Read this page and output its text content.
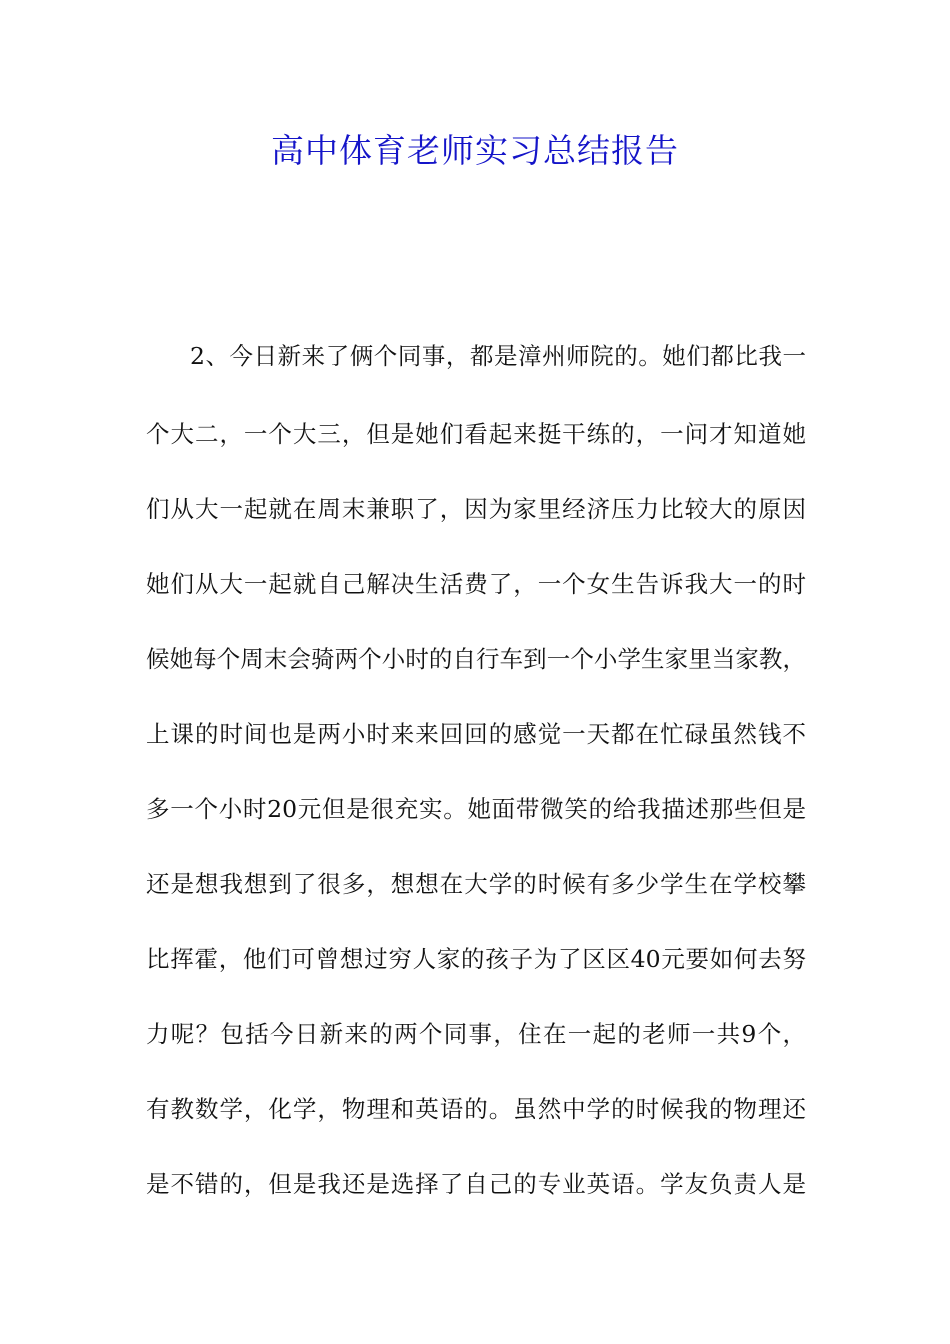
高中体育老师实习总结报告
2、今日新来了俩个同事，都是漳州师院的。她们都比我一
个大二，一个大三，但是她们看起来挺干练的，一问才知道她
们从大一起就在周末兼职了，因为家里经济压力比较大的原因
她们从大一起就自己解决生活费了，一个女生告诉我大一的时
候她每个周末会骑两个小时的自行车到一个小学生家里当家教，
上课的时间也是两小时来来回回的感觉一天都在忙碌虽然钱不
多一个小时20元但是很充实。她面带微笑的给我描述那些但是
还是想我想到了很多，想想在大学的时候有多少学生在学校攀
比挥霍，他们可曾想过穷人家的孩子为了区区40元要如何去努
力呢？包括今日新来的两个同事，住在一起的老师一共9个，
有教数学，化学，物理和英语的。虽然中学的时候我的物理还
是不错的，但是我还是选择了自己的专业英语。学友负责人是
